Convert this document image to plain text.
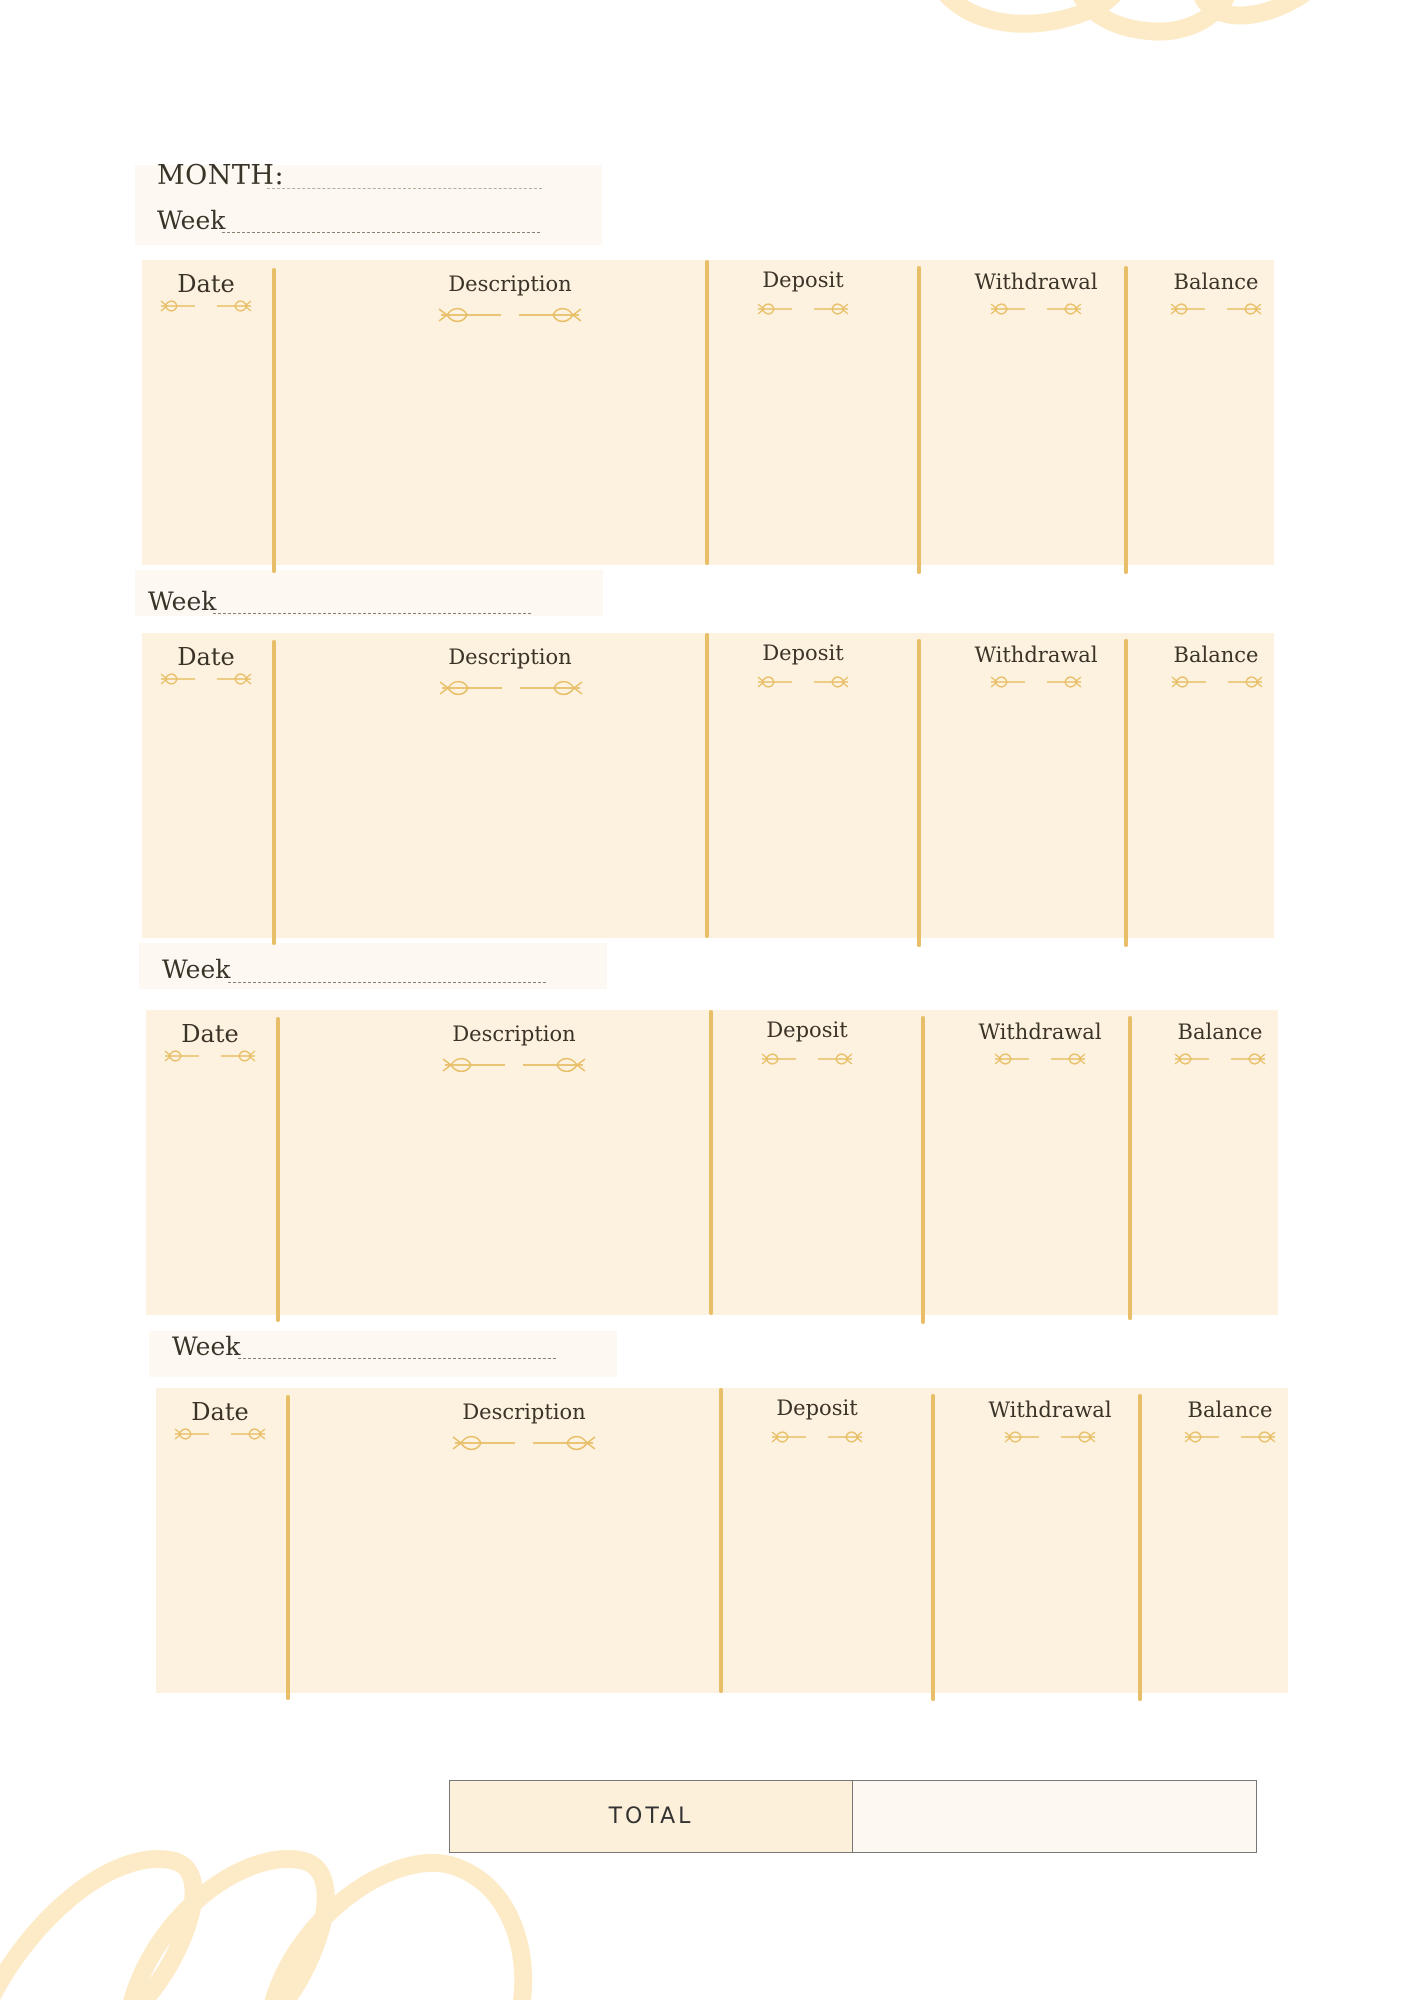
MONTH:
Week
Week
Week
Week
Date	Description	Deposit	Withdrawal	Balance
Date	Description	Deposit	Withdrawal	Balance
Date	Description	Deposit	Withdrawal	Balance
Date	Description	Deposit	Withdrawal	Balance
TOTAL
